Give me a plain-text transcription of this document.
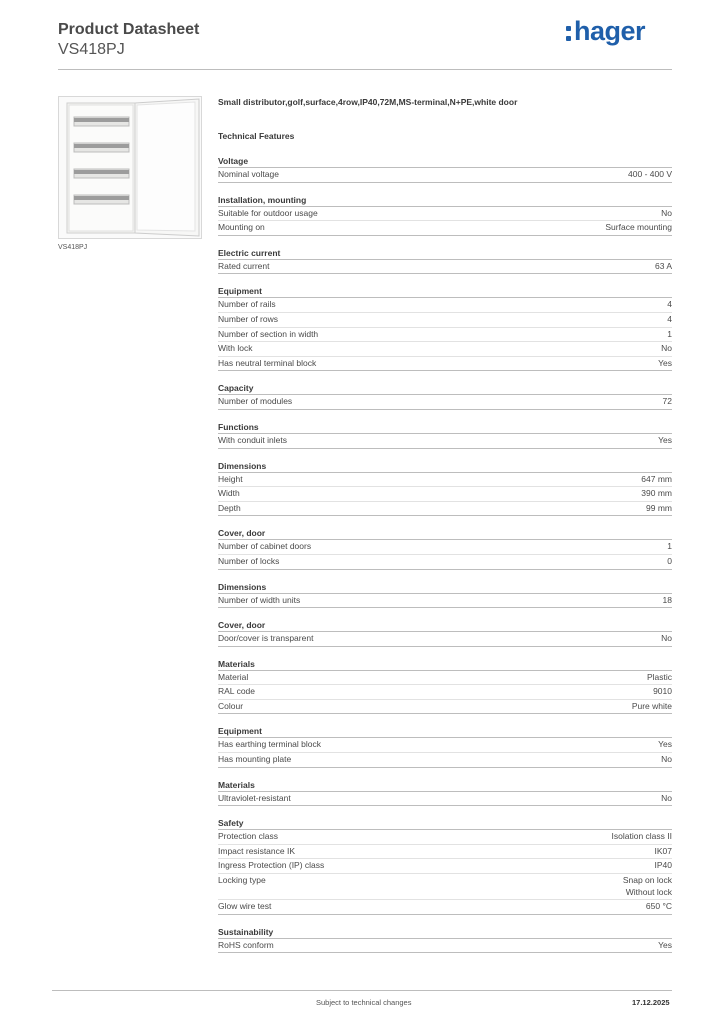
Product Datasheet
VS418PJ
hager
VS418PJ
Small distributor,golf,surface,4row,IP40,72M,MS-terminal,N+PE,white door
Technical Features
Voltage
Nominal voltage	400 - 400 V
Installation, mounting
Suitable for outdoor usage	No
Mounting on	Surface mounting
Electric current
Rated current	63 A
Equipment
Number of rails	4
Number of rows	4
Number of section in width	1
With lock	No
Has neutral terminal block	Yes
Capacity
Number of modules	72
Functions
With conduit inlets	Yes
Dimensions
Height	647 mm
Width	390 mm
Depth	99 mm
Cover, door
Number of cabinet doors	1
Number of locks	0
Dimensions
Number of width units	18
Cover, door
Door/cover is transparent	No
Materials
Material	Plastic
RAL code	9010
Colour	Pure white
Equipment
Has earthing terminal block	Yes
Has mounting plate	No
Materials
Ultraviolet-resistant	No
Safety
Protection class	Isolation class II
Impact resistance IK	IK07
Ingress Protection (IP) class	IP40
Locking type	Snap on lock
Without lock
Glow wire test	650 °C
Sustainability
RoHS conform	Yes
Subject to technical changes	17.12.2025
